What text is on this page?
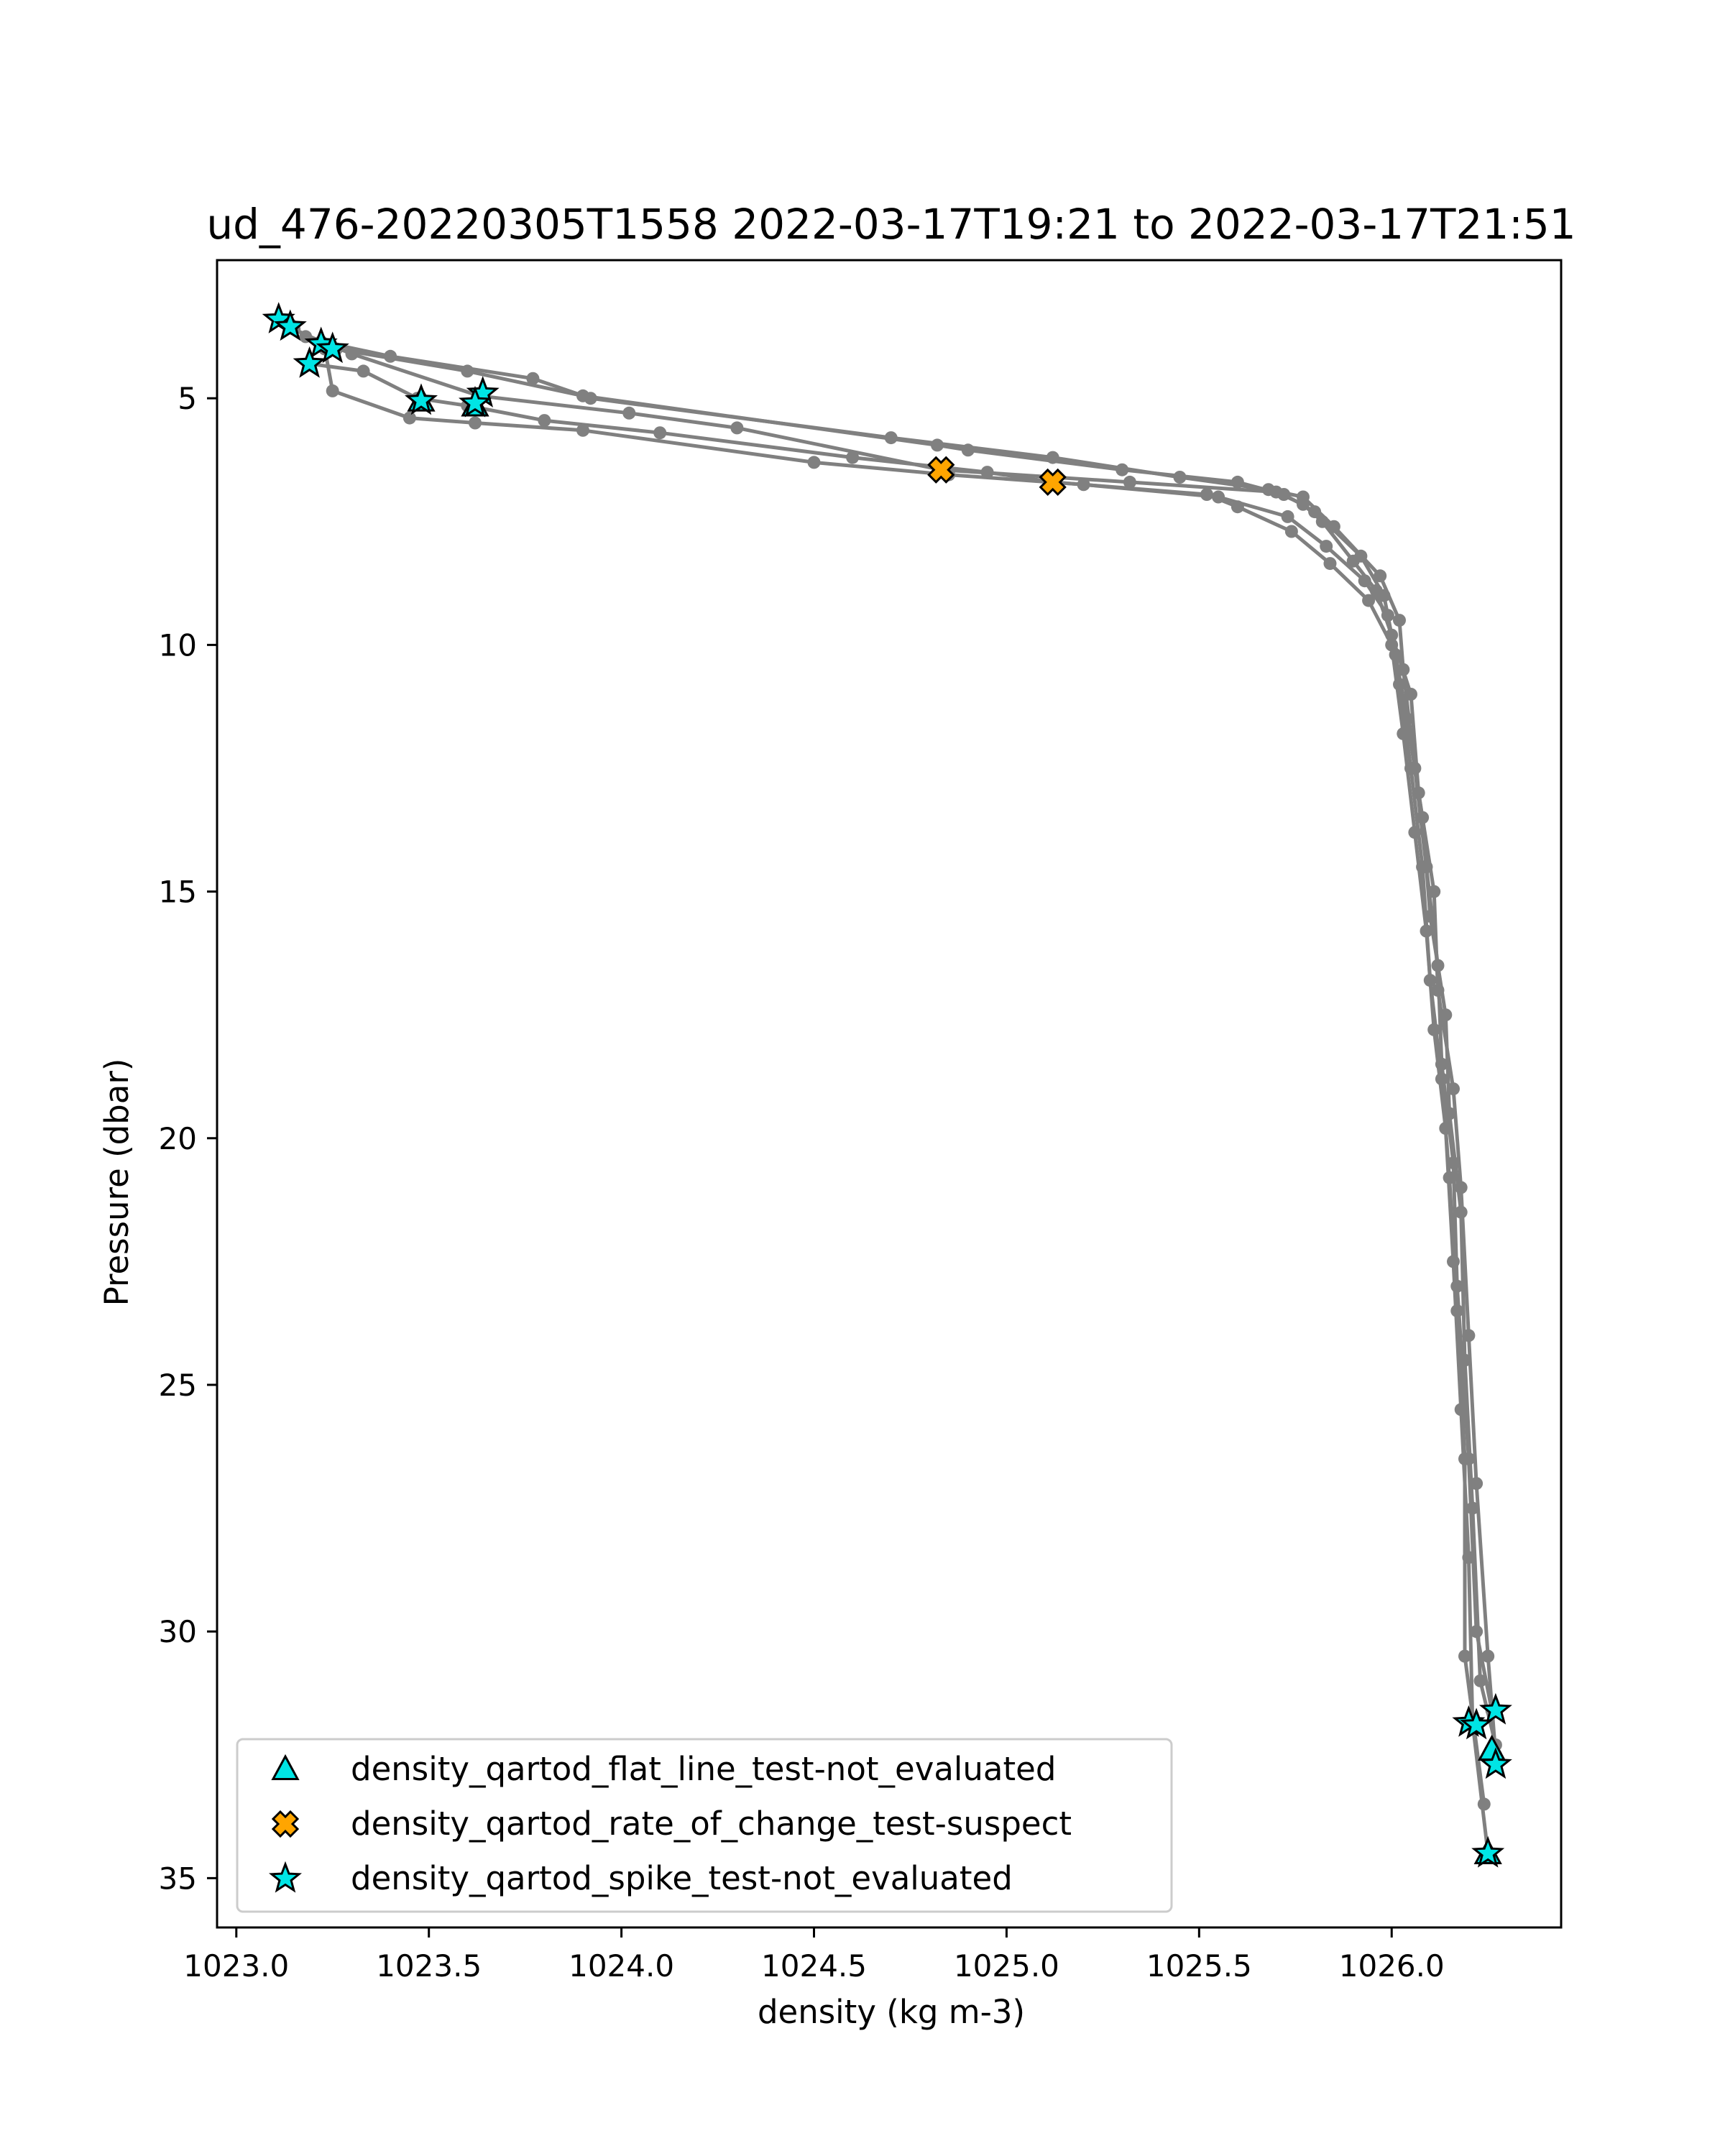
ud_476-20220305T1558 2022-03-17T19:21 to 2022-03-17T21:51
1023.0	1023.5	1024.0	1024.5	1025.0	1025.5	1026.0
5
10
15
20
25
30
35
density (kg m-3)
Pressure (dbar)
density_qartod_flat_line_test-not_evaluated
density_qartod_rate_of_change_test-suspect
density_qartod_spike_test-not_evaluated
